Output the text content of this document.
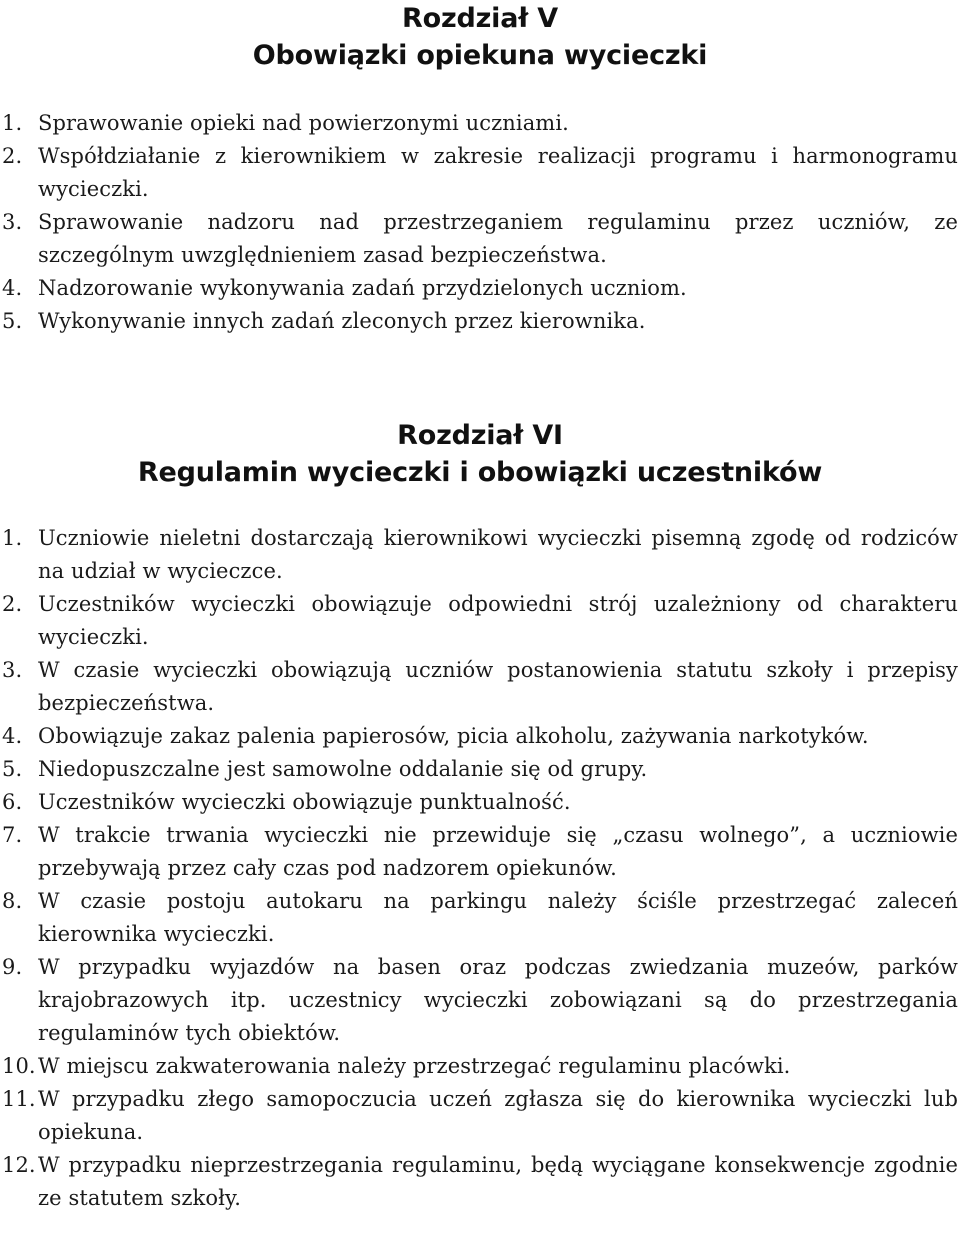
Rozdział V
Obowiązki opiekuna wycieczki
1. Sprawowanie opieki nad powierzonymi uczniami.
2. Współdziałanie z kierownikiem w zakresie realizacji programu i harmonogramu wycieczki.
3. Sprawowanie nadzoru nad przestrzeganiem regulaminu przez uczniów, ze szczególnym uwzględnieniem zasad bezpieczeństwa.
4. Nadzorowanie wykonywania zadań przydzielonych uczniom.
5. Wykonywanie innych zadań zleconych przez kierownika.
Rozdział VI
Regulamin wycieczki i obowiązki uczestników
1. Uczniowie nieletni dostarczają kierownikowi wycieczki pisemną zgodę od rodziców na udział w wycieczce.
2. Uczestników wycieczki obowiązuje odpowiedni strój uzależniony od charakteru wycieczki.
3. W czasie wycieczki obowiązują uczniów postanowienia statutu szkoły i przepisy bezpieczeństwa.
4. Obowiązuje zakaz palenia papierosów, picia alkoholu, zażywania narkotyków.
5. Niedopuszczalne jest samowolne oddalanie się od grupy.
6. Uczestników wycieczki obowiązuje punktualność.
7. W trakcie trwania wycieczki nie przewiduje się „czasu wolnego”, a uczniowie przebywają przez cały czas pod nadzorem opiekunów.
8. W czasie postoju autokaru na parkingu należy ściśle przestrzegać zaleceń kierownika wycieczki.
9. W przypadku wyjazdów na basen oraz podczas zwiedzania muzeów, parków krajobrazowych itp. uczestnicy wycieczki zobowiązani są do przestrzegania regulaminów tych obiektów.
10. W miejscu zakwaterowania należy przestrzegać regulaminu placówki.
11. W przypadku złego samopoczucia uczeń zgłasza się do kierownika wycieczki lub opiekuna.
12. W przypadku nieprzestrzegania regulaminu, będą wyciągane konsekwencje zgodnie ze statutem szkoły.
